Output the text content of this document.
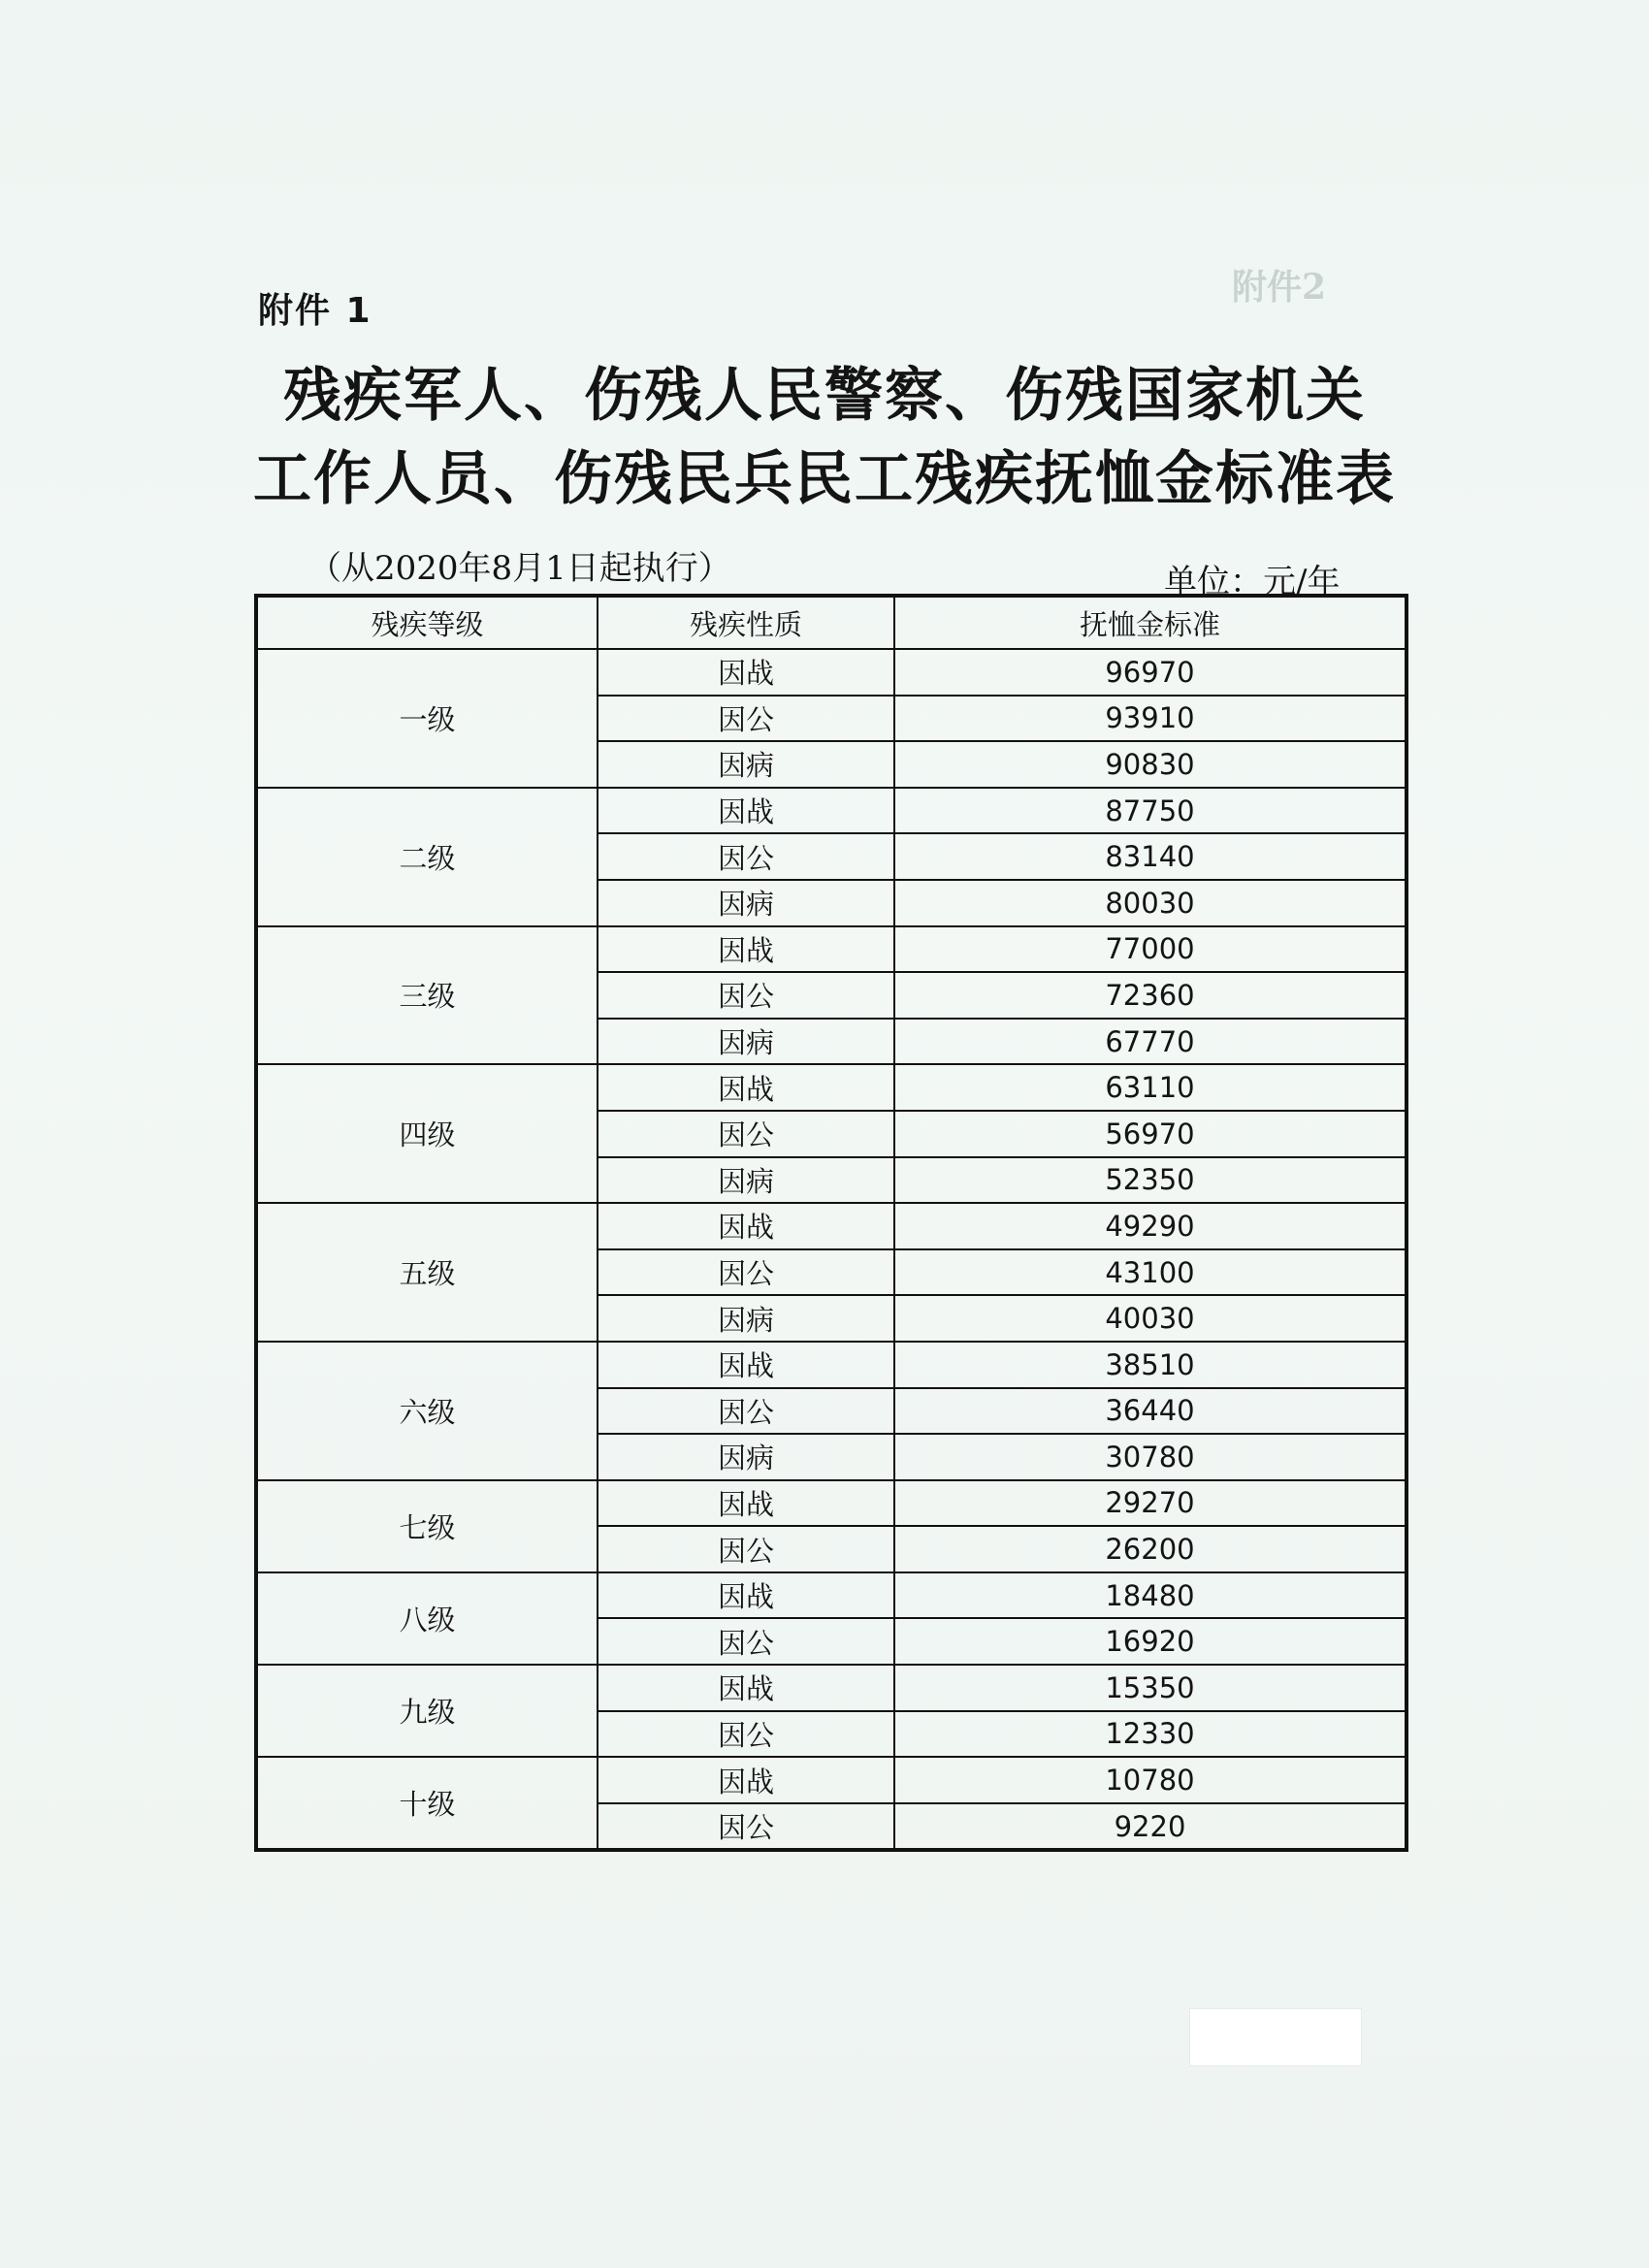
附件2
附件 1
残疾军人、伤残人民警察、伤残国家机关
工作人员、伤残民兵民工残疾抚恤金标准表
（从2020年8月1日起执行）	单位：元/年
残疾等级	残疾性质	抚恤金标准
一级	因战	96970
	因公	93910
	因病	90830
二级	因战	87750
	因公	83140
	因病	80030
三级	因战	77000
	因公	72360
	因病	67770
四级	因战	63110
	因公	56970
	因病	52350
五级	因战	49290
	因公	43100
	因病	40030
六级	因战	38510
	因公	36440
	因病	30780
七级	因战	29270
	因公	26200
八级	因战	18480
	因公	16920
九级	因战	15350
	因公	12330
十级	因战	10780
	因公	9220
